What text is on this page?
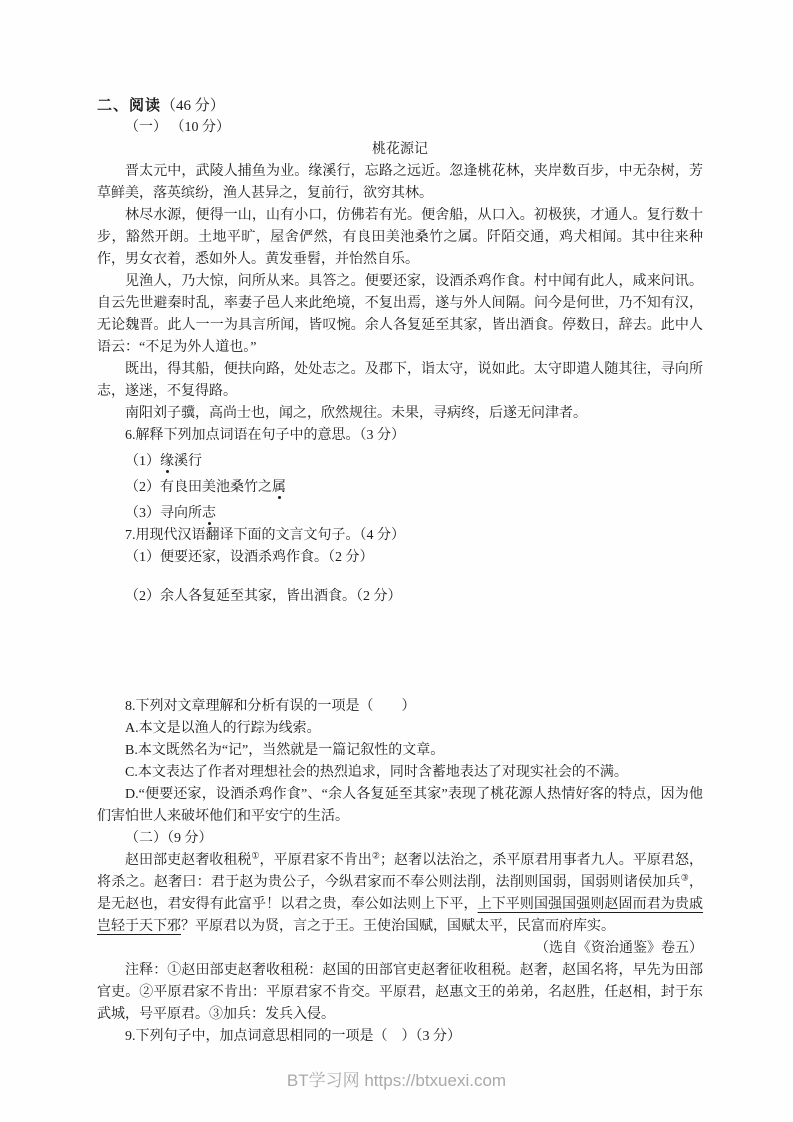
二、阅读（46 分）

（一） （10 分）

桃花源记

晋太元中，武陵人捕鱼为业。缘溪行，忘路之远近。忽逢桃花林，夹岸数百步，中无杂树，芳草鲜美，落英缤纷，渔人甚异之，复前行，欲穷其林。

林尽水源，便得一山，山有小口，仿佛若有光。便舍船，从口入。初极狭，才通人。复行数十步，豁然开朗。土地平旷，屋舍俨然，有良田美池桑竹之属。阡陌交通，鸡犬相闻。其中往来种作，男女衣着，悉如外人。黄发垂髫，并怡然自乐。

见渔人，乃大惊，问所从来。具答之。便要还家，设酒杀鸡作食。村中闻有此人，咸来问讯。自云先世避秦时乱，率妻子邑人来此绝境，不复出焉，遂与外人间隔。问今是何世，乃不知有汉，无论魏晋。此人一一为具言所闻，皆叹惋。余人各复延至其家，皆出酒食。停数日，辞去。此中人语云：“不足为外人道也。”

既出，得其船，便扶向路，处处志之。及郡下，诣太守，说如此。太守即遣人随其往，寻向所志，遂迷，不复得路。

南阳刘子骥，高尚士也，闻之，欣然规往。未果，寻病终，后遂无问津者。

6.解释下列加点词语在句子中的意思。（3 分）

（1）缘溪行

（2）有良田美池桑竹之属

（3）寻向所志

7.用现代汉语翻译下面的文言文句子。（4 分）

（1）便要还家，设酒杀鸡作食。（2 分）

（2）余人各复延至其家，皆出酒食。（2 分）

8.下列对文章理解和分析有误的一项是（　　）

A.本文是以渔人的行踪为线索。

B.本文既然名为“记”，当然就是一篇记叙性的文章。

C.本文表达了作者对理想社会的热烈追求，同时含蓄地表达了对现实社会的不满。

D.“便要还家，设酒杀鸡作食”、“余人各复延至其家”表现了桃花源人热情好客的特点，因为他们害怕世人来破坏他们和平安宁的生活。

（二）（9 分）

赵田部吏赵奢收租税①，平原君家不肯出②；赵奢以法治之，杀平原君用事者九人。平原君怒，将杀之。赵奢曰：君于赵为贵公子，今纵君家而不奉公则法削，法削则国弱，国弱则诸侯加兵③，是无赵也，君安得有此富乎！以君之贵，奉公如法则上下平，上下平则国强国强则赵固而君为贵戚岂轻于天下邪？平原君以为贤，言之于王。王使治国赋，国赋太平，民富而府库实。

（选自《资治通鉴》卷五）

注释：①赵田部吏赵奢收租税：赵国的田部官吏赵奢征收租税。赵奢，赵国名将，早先为田部官吏。②平原君家不肯出：平原君家不肯交。平原君，赵惠文王的弟弟，名赵胜，任赵相，封于东武城，号平原君。③加兵：发兵入侵。

9.下列句子中，加点词意思相同的一项是（　）（3 分）

BT学习网 https://btxuexi.com
